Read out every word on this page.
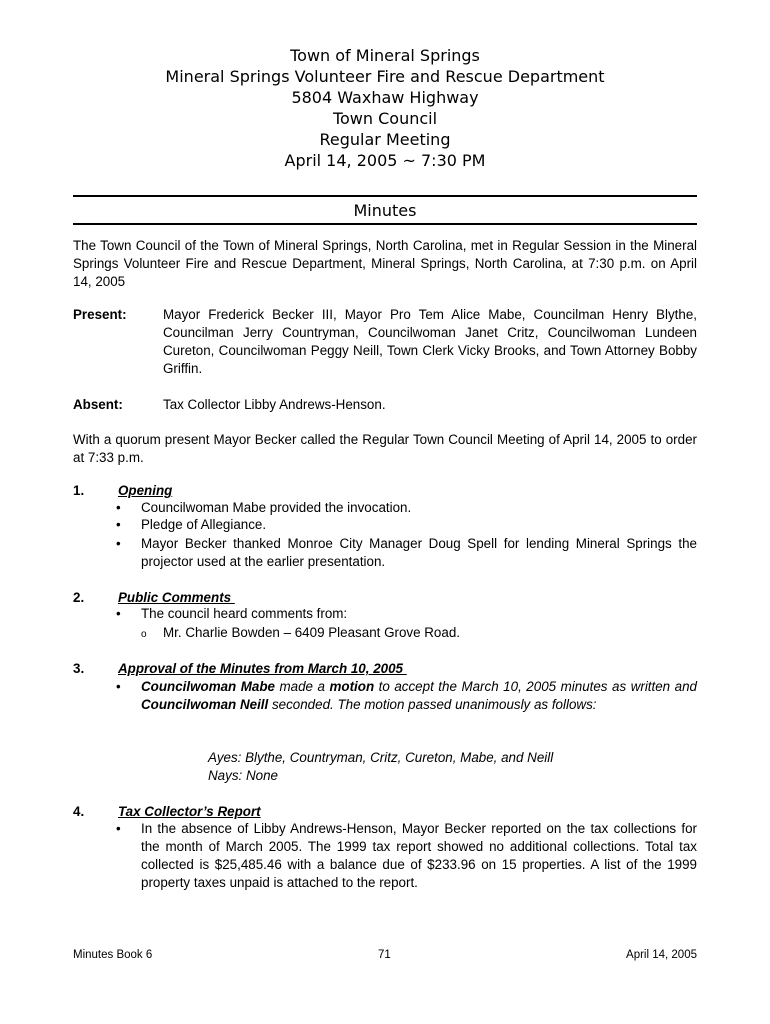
Town of Mineral Springs
Mineral Springs Volunteer Fire and Rescue Department
5804 Waxhaw Highway
Town Council
Regular Meeting
April 14, 2005 ~ 7:30 PM
Minutes
The Town Council of the Town of Mineral Springs, North Carolina, met in Regular Session in the Mineral Springs Volunteer Fire and Rescue Department, Mineral Springs, North Carolina, at 7:30 p.m. on April 14, 2005
Present:	Mayor Frederick Becker III, Mayor Pro Tem Alice Mabe, Councilman Henry Blythe, Councilman Jerry Countryman, Councilwoman Janet Critz, Councilwoman Lundeen Cureton, Councilwoman Peggy Neill, Town Clerk Vicky Brooks, and Town Attorney Bobby Griffin.
Absent:	Tax Collector Libby Andrews-Henson.
With a quorum present Mayor Becker called the Regular Town Council Meeting of April 14, 2005 to order at 7:33 p.m.
1.	Opening
• Councilwoman Mabe provided the invocation.
• Pledge of Allegiance.
• Mayor Becker thanked Monroe City Manager Doug Spell for lending Mineral Springs the projector used at the earlier presentation.
2.	Public Comments
• The council heard comments from:
o Mr. Charlie Bowden – 6409 Pleasant Grove Road.
3.	Approval of the Minutes from March 10, 2005
• Councilwoman Mabe made a motion to accept the March 10, 2005 minutes as written and Councilwoman Neill seconded. The motion passed unanimously as follows:
Ayes: Blythe, Countryman, Critz, Cureton, Mabe, and Neill
Nays: None
4.	Tax Collector’s Report
• In the absence of Libby Andrews-Henson, Mayor Becker reported on the tax collections for the month of March 2005. The 1999 tax report showed no additional collections. Total tax collected is $25,485.46 with a balance due of $233.96 on 15 properties. A list of the 1999 property taxes unpaid is attached to the report.
Minutes Book 6	71	April 14, 2005
